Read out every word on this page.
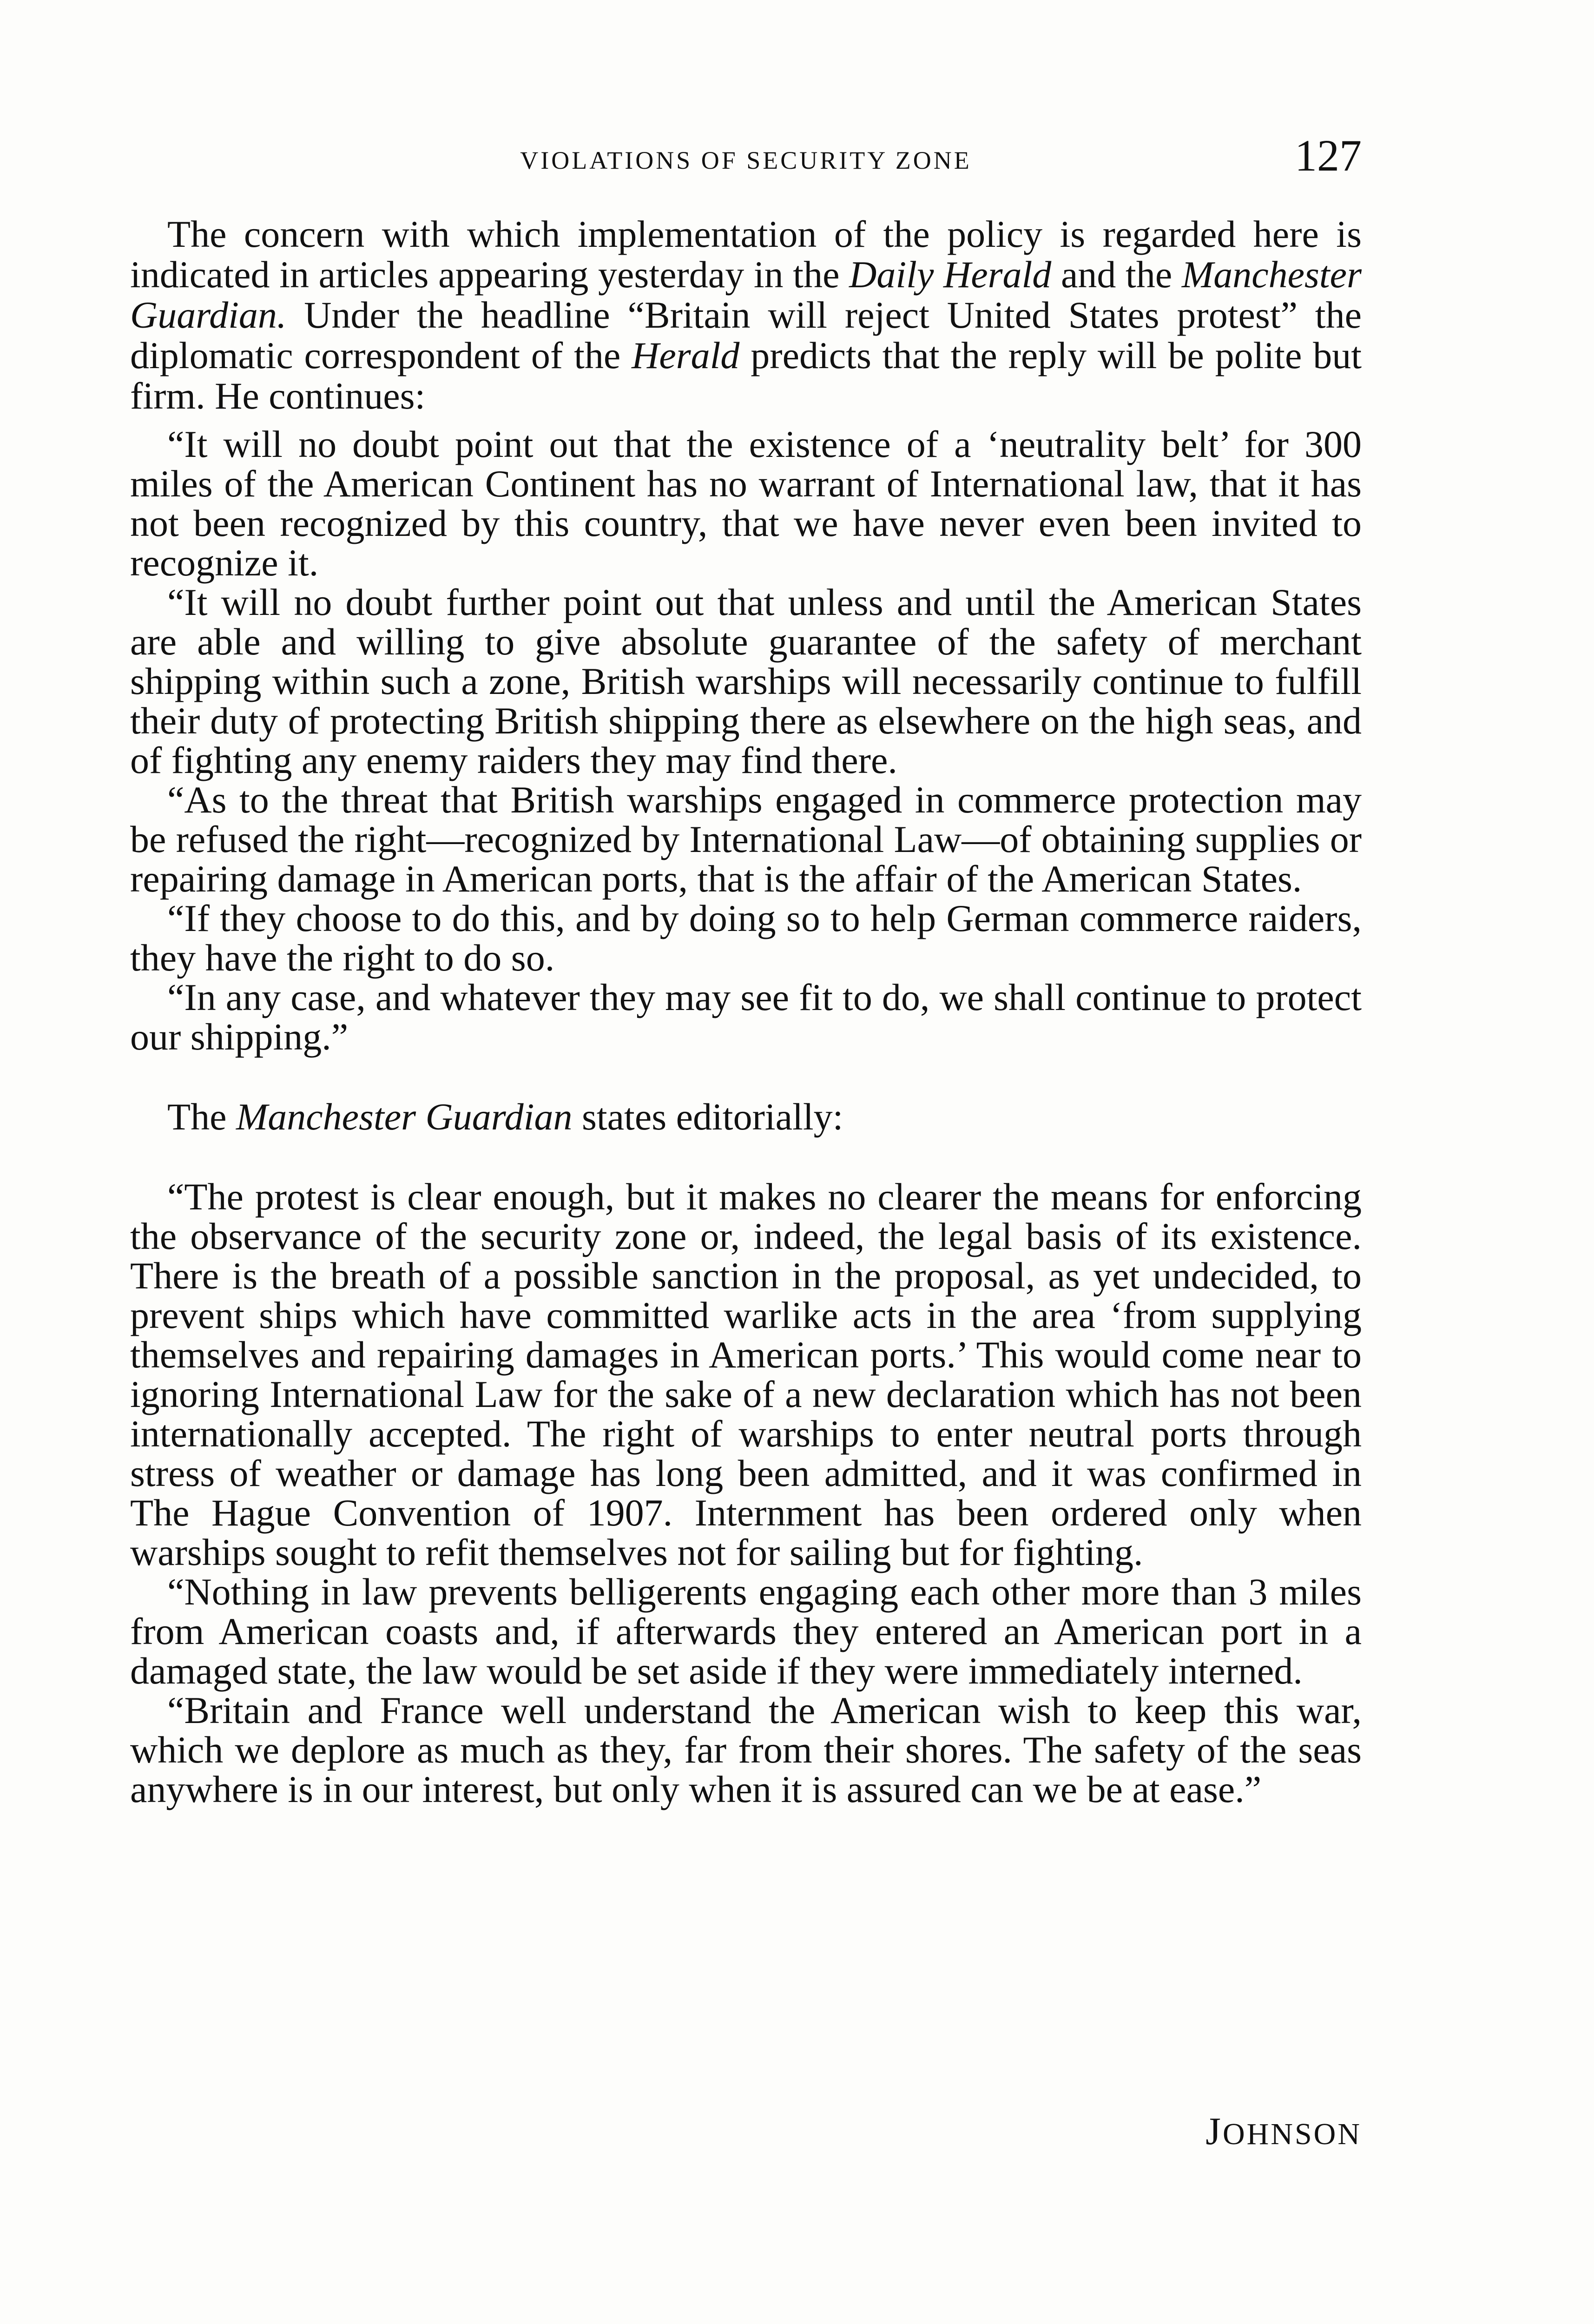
VIOLATIONS OF SECURITY ZONE	127

The concern with which implementation of the policy is regarded here is indicated in articles appearing yesterday in the Daily Herald and the Manchester Guardian. Under the headline “Britain will reject United States protest” the diplomatic correspondent of the Herald predicts that the reply will be polite but firm. He continues:

“It will no doubt point out that the existence of a ‘neutrality belt’ for 300 miles of the American Continent has no warrant of International law, that it has not been recognized by this country, that we have never even been invited to recognize it.

“It will no doubt further point out that unless and until the American States are able and willing to give absolute guarantee of the safety of merchant shipping within such a zone, British warships will necessarily continue to fulfill their duty of protecting British shipping there as elsewhere on the high seas, and of fighting any enemy raiders they may find there.

“As to the threat that British warships engaged in commerce protection may be refused the right—recognized by International Law—of obtaining supplies or repairing damage in American ports, that is the affair of the American States.

“If they choose to do this, and by doing so to help German commerce raiders, they have the right to do so.

“In any case, and whatever they may see fit to do, we shall continue to protect our shipping.”

The Manchester Guardian states editorially:

“The protest is clear enough, but it makes no clearer the means for enforcing the observance of the security zone or, indeed, the legal basis of its existence. There is the breath of a possible sanction in the proposal, as yet undecided, to prevent ships which have committed warlike acts in the area ‘from supplying themselves and repairing damages in American ports.’ This would come near to ignoring International Law for the sake of a new declaration which has not been internationally accepted. The right of warships to enter neutral ports through stress of weather or damage has long been admitted, and it was confirmed in The Hague Convention of 1907. Internment has been ordered only when warships sought to refit themselves not for sailing but for fighting.

“Nothing in law prevents belligerents engaging each other more than 3 miles from American coasts and, if afterwards they entered an American port in a damaged state, the law would be set aside if they were immediately interned.

“Britain and France well understand the American wish to keep this war, which we deplore as much as they, far from their shores. The safety of the seas anywhere is in our interest, but only when it is assured can we be at ease.”

JOHNSON
